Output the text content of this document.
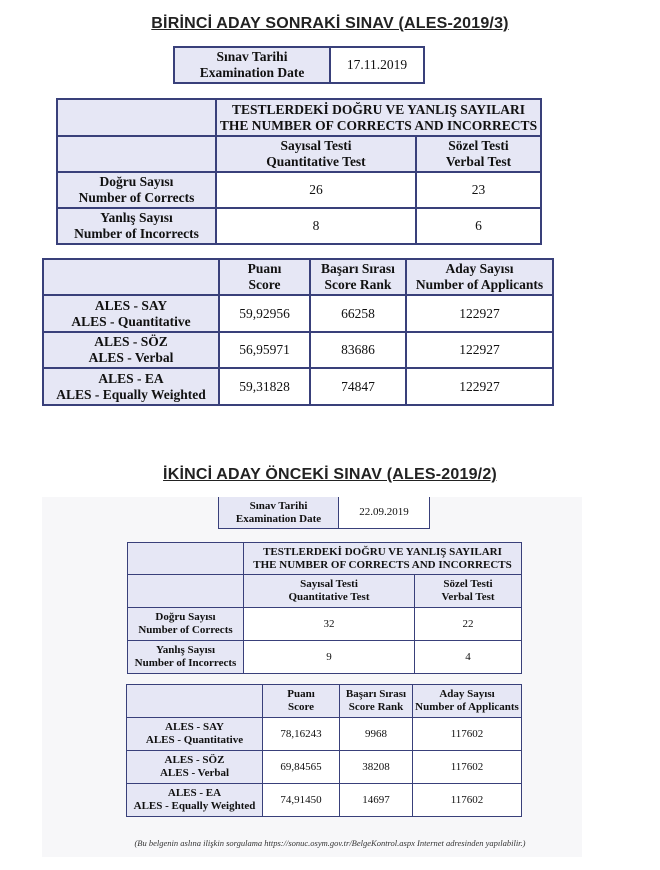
BİRİNCİ ADAY SONRAKİ SINAV (ALES-2019/3)
Sınav Tarihi
Examination Date
	17.11.2019

	TESTLERDEKİ DOĞRU VE YANLIŞ SAYILARI
THE NUMBER OF CORRECTS AND INCORRECTS	

	Sayısal Testi
Quantitative Test	Sözel Testi
Verbal Test

Doğru Sayısı
Number of Corrects	26	23

Yanlış Sayısı
Number of Incorrects	8	6

	Puanı
Score	Başarı Sırası
Score Rank	Aday Sayısı
Number of Applicants

ALES - SAY
ALES - Quantitative	59,92956	66258	122927

ALES - SÖZ
ALES - Verbal	56,95971	83686	122927

ALES - EA
ALES - Equally Weighted	59,31828	74847	122927
İKİNCİ ADAY ÖNCEKİ SINAV (ALES-2019/2)
Sınav Tarihi
Examination Date
	22.09.2019

	TESTLERDEKİ DOĞRU VE YANLIŞ SAYILARI
THE NUMBER OF CORRECTS AND INCORRECTS	

	Sayısal Testi
Quantitative Test	Sözel Testi
Verbal Test

Doğru Sayısı
Number of Corrects	32	22

Yanlış Sayısı
Number of Incorrects	9	4

	Puanı
Score	Başarı Sırası
Score Rank	Aday Sayısı
Number of Applicants

ALES - SAY
ALES - Quantitative	78,16243	9968	117602

ALES - SÖZ
ALES - Verbal	69,84565	38208	117602

ALES - EA
ALES - Equally Weighted	74,91450	14697	117602
(Bu belgenin aslına ilişkin sorgulama https://sonuc.osym.gov.tr/BelgeKontrol.aspx Internet adresinden yapılabilir.)
